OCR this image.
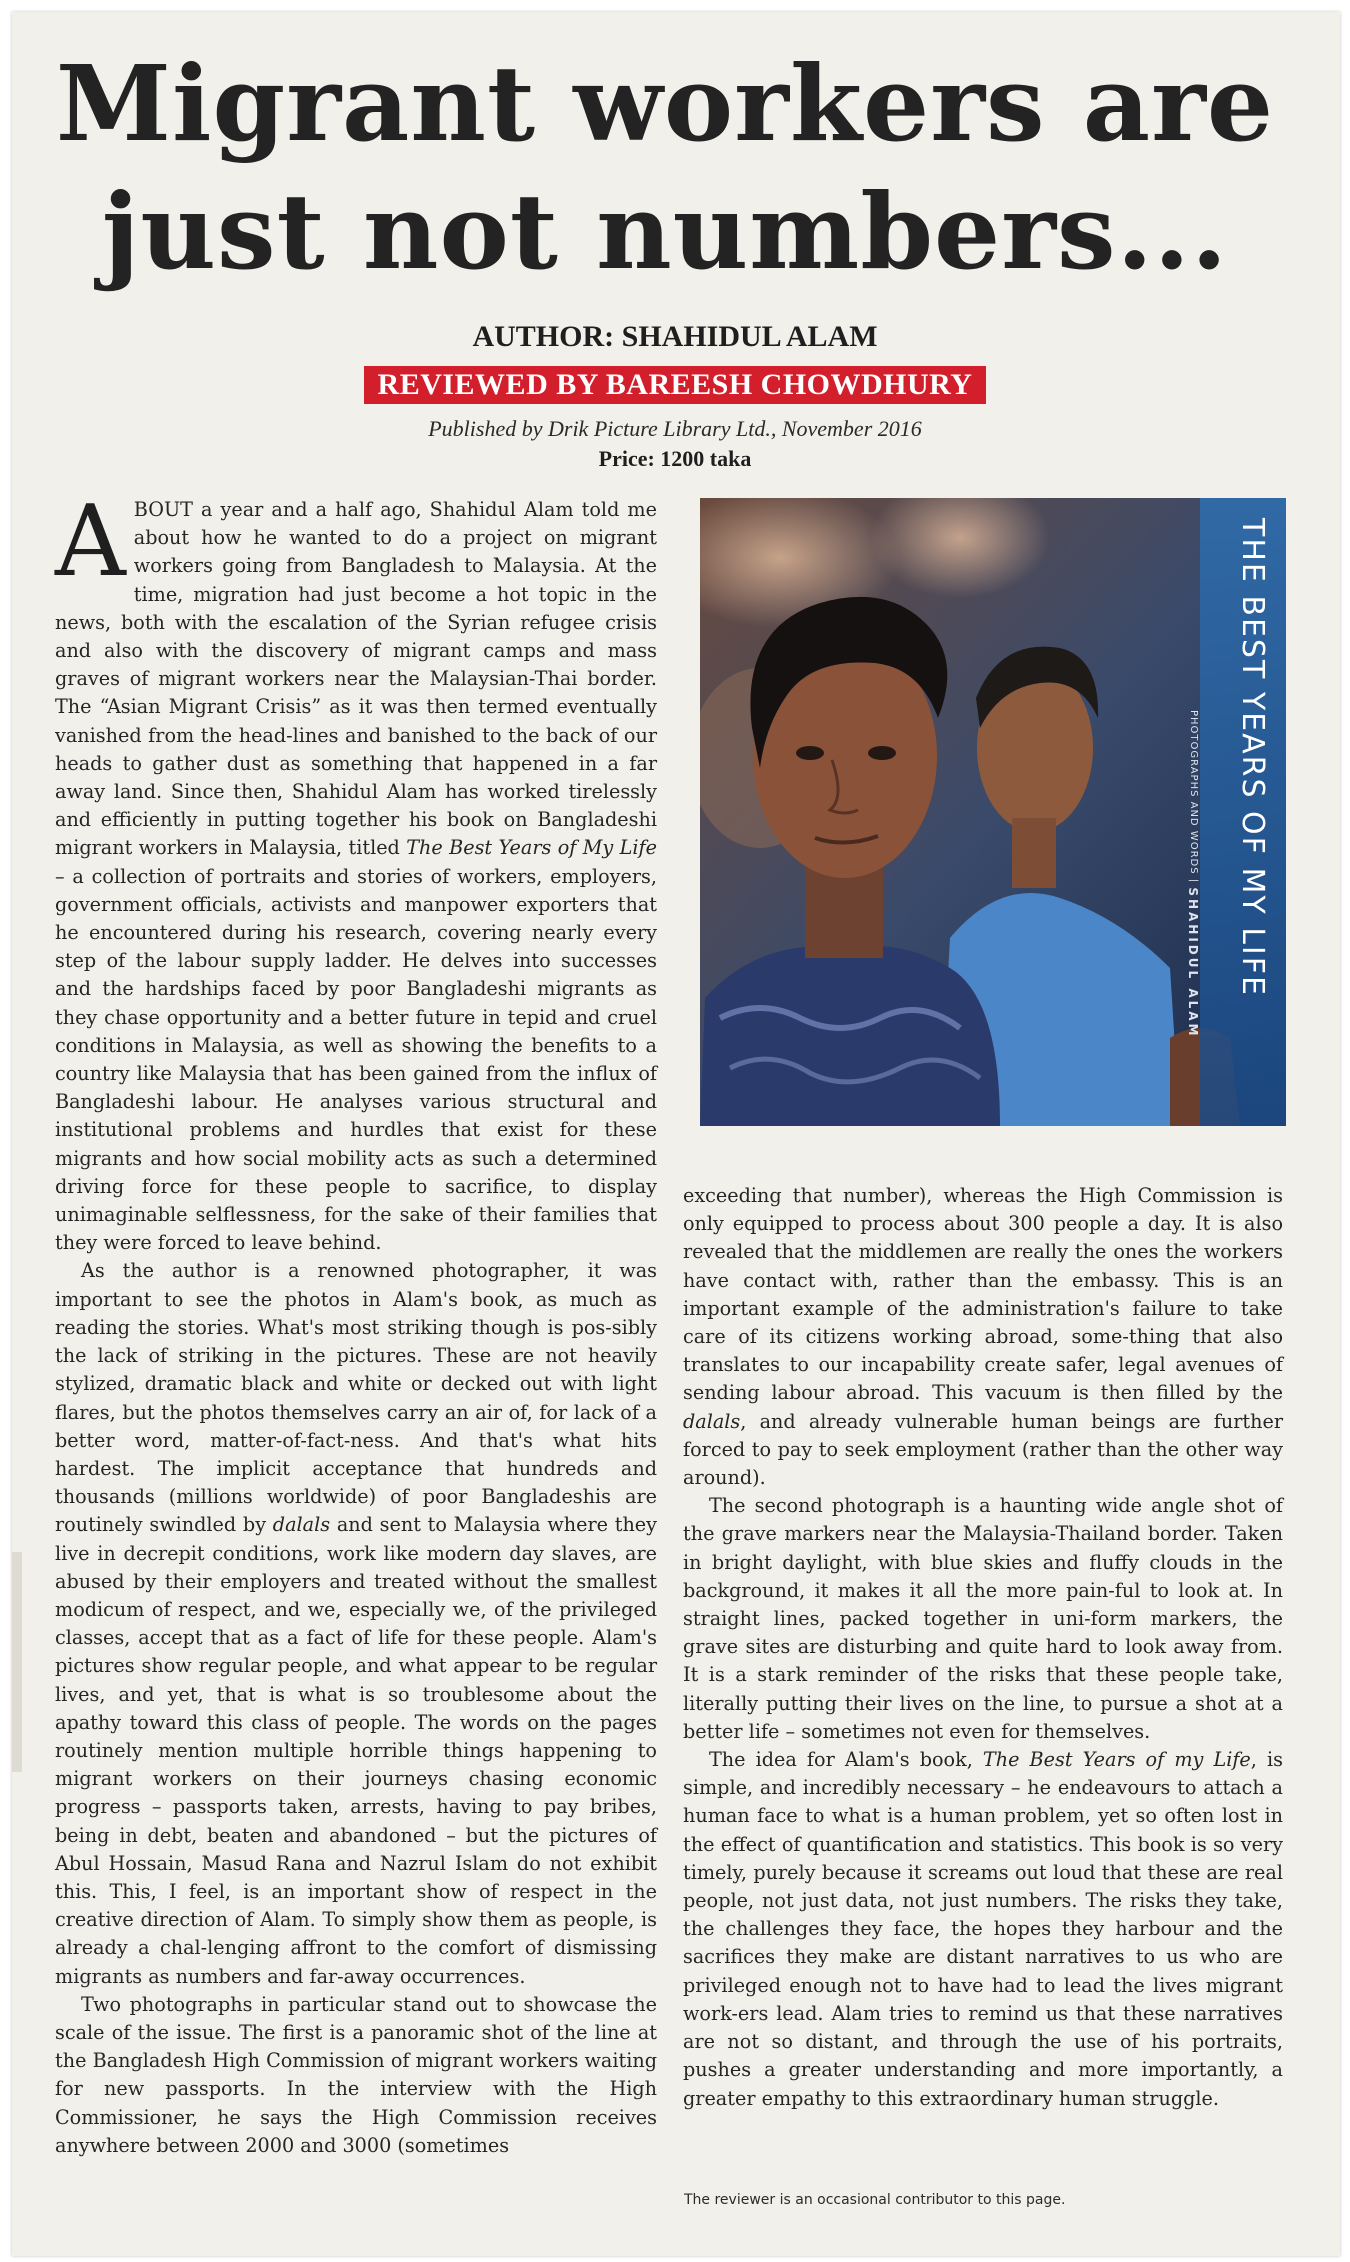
Migrant workers are just not numbers...
AUTHOR: SHAHIDUL ALAM
REVIEWED BY BAREESH CHOWDHURY
Published by Drik Picture Library Ltd., November 2016
Price: 1200 taka

ABOUT a year and a half ago, Shahidul Alam told me about how he wanted to do a project on migrant workers going from Bangladesh to Malaysia. At the time, migration had just become a hot topic in the news, both with the escalation of the Syrian refugee crisis and also with the discovery of migrant camps and mass graves of migrant workers near the Malaysian-Thai border. The “Asian Migrant Crisis” as it was then termed eventually vanished from the head-lines and banished to the back of our heads to gather dust as something that happened in a far away land. Since then, Shahidul Alam has worked tirelessly and efficiently in putting together his book on Bangladeshi migrant workers in Malaysia, titled The Best Years of My Life – a collection of portraits and stories of workers, employers, government officials, activists and manpower exporters that he encountered during his research, covering nearly every step of the labour supply ladder. He delves into successes and the hardships faced by poor Bangladeshi migrants as they chase opportunity and a better future in tepid and cruel conditions in Malaysia, as well as showing the benefits to a country like Malaysia that has been gained from the influx of Bangladeshi labour. He analyses various structural and institutional problems and hurdles that exist for these migrants and how social mobility acts as such a determined driving force for these people to sacrifice, to display unimaginable selflessness, for the sake of their families that they were forced to leave behind.

As the author is a renowned photographer, it was important to see the photos in Alam's book, as much as reading the stories. What's most striking though is pos-sibly the lack of striking in the pictures. These are not heavily stylized, dramatic black and white or decked out with light flares, but the photos themselves carry an air of, for lack of a better word, matter-of-fact-ness. And that's what hits hardest. The implicit acceptance that hundreds and thousands (millions worldwide) of poor Bangladeshis are routinely swindled by dalals and sent to Malaysia where they live in decrepit conditions, work like modern day slaves, are abused by their employers and treated without the smallest modicum of respect, and we, especially we, of the privileged classes, accept that as a fact of life for these people. Alam's pictures show regular people, and what appear to be regular lives, and yet, that is what is so troublesome about the apathy toward this class of people. The words on the pages routinely mention multiple horrible things happening to migrant workers on their journeys chasing economic progress – passports taken, arrests, having to pay bribes, being in debt, beaten and abandoned – but the pictures of Abul Hossain, Masud Rana and Nazrul Islam do not exhibit this. This, I feel, is an important show of respect in the creative direction of Alam. To simply show them as people, is already a chal-lenging affront to the comfort of dismissing migrants as numbers and far-away occurrences.

Two photographs in particular stand out to showcase the scale of the issue. The first is a panoramic shot of the line at the Bangladesh High Commission of migrant workers waiting for new passports. In the interview with the High Commissioner, he says the High Commission receives anywhere between 2000 and 3000 (sometimes

THE BEST YEARS OF MY LIFE
PHOTOGRAPHS AND WORDS | SHAHIDUL ALAM

exceeding that number), whereas the High Commission is only equipped to process about 300 people a day. It is also revealed that the middlemen are really the ones the workers have contact with, rather than the embassy. This is an important example of the administration's failure to take care of its citizens working abroad, some-thing that also translates to our incapability create safer, legal avenues of sending labour abroad. This vacuum is then filled by the dalals, and already vulnerable human beings are further forced to pay to seek employment (rather than the other way around).

The second photograph is a haunting wide angle shot of the grave markers near the Malaysia-Thailand border. Taken in bright daylight, with blue skies and fluffy clouds in the background, it makes it all the more pain-ful to look at. In straight lines, packed together in uni-form markers, the grave sites are disturbing and quite hard to look away from. It is a stark reminder of the risks that these people take, literally putting their lives on the line, to pursue a shot at a better life – sometimes not even for themselves.

The idea for Alam's book, The Best Years of my Life, is simple, and incredibly necessary – he endeavours to attach a human face to what is a human problem, yet so often lost in the effect of quantification and statistics. This book is so very timely, purely because it screams out loud that these are real people, not just data, not just numbers. The risks they take, the challenges they face, the hopes they harbour and the sacrifices they make are distant narratives to us who are privileged enough not to have had to lead the lives migrant work-ers lead. Alam tries to remind us that these narratives are not so distant, and through the use of his portraits, pushes a greater understanding and more importantly, a greater empathy to this extraordinary human struggle.

The reviewer is an occasional contributor to this page.
